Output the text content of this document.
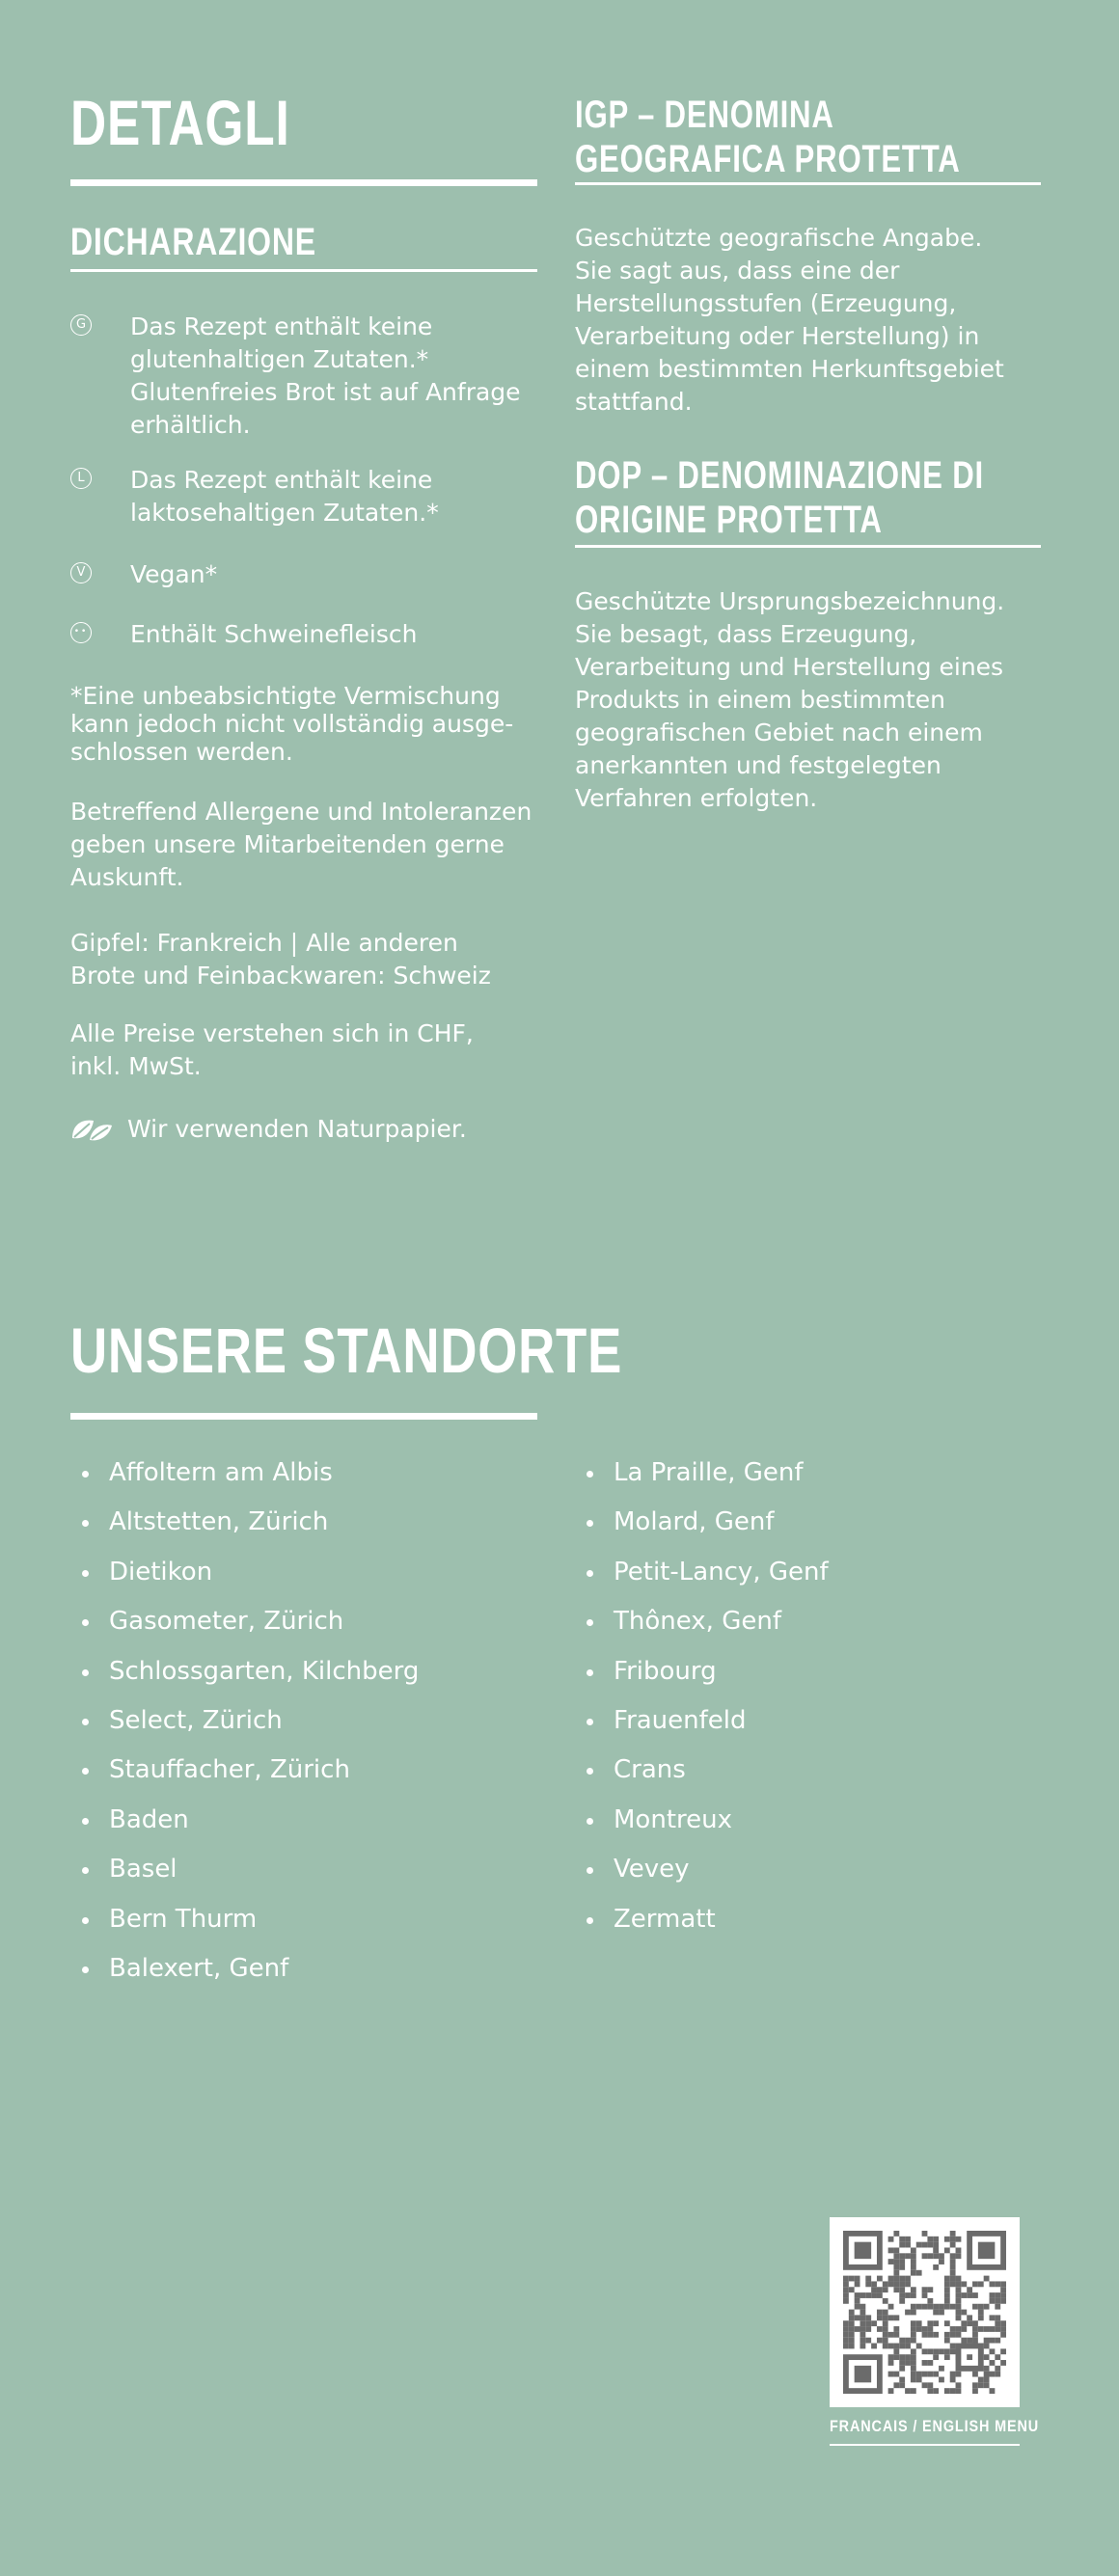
DETAGLI
DICHARAZIONE
G Das Rezept enthält keine glutenhaltigen Zutaten.* Glutenfreies Brot ist auf Anfrage erhältlich.
L Das Rezept enthält keine laktosehaltigen Zutaten.*
V Vegan*
•• Enthält Schweinefleisch
*Eine unbeabsichtigte Vermischung kann jedoch nicht vollständig ausge-schlossen werden.
Betreffend Allergene und Intoleranzen geben unsere Mitarbeitenden gerne Auskunft.
Gipfel: Frankreich | Alle anderen Brote und Feinbackwaren: Schweiz
Alle Preise verstehen sich in CHF, inkl. MwSt.
Wir verwenden Naturpapier.
IGP – DENOMINA
GEOGRAFICA PROTETTA
Geschützte geografische Angabe. Sie sagt aus, dass eine der Herstellungsstufen (Erzeugung, Verarbeitung oder Herstellung) in einem bestimmten Herkunftsgebiet stattfand.
DOP – DENOMINAZIONE DI
ORIGINE PROTETTA
Geschützte Ursprungsbezeichnung. Sie besagt, dass Erzeugung, Verarbeitung und Herstellung eines Produkts in einem bestimmten geografischen Gebiet nach einem anerkannten und festgelegten Verfahren erfolgten.
UNSERE STANDORTE
Affoltern am Albis
Altstetten, Zürich
Dietikon
Gasometer, Zürich
Schlossgarten, Kilchberg
Select, Zürich
Stauffacher, Zürich
Baden
Basel
Bern Thurm
Balexert, Genf
La Praille, Genf
Molard, Genf
Petit-Lancy, Genf
Thônex, Genf
Fribourg
Frauenfeld
Crans
Montreux
Vevey
Zermatt
FRANCAIS / ENGLISH MENU
